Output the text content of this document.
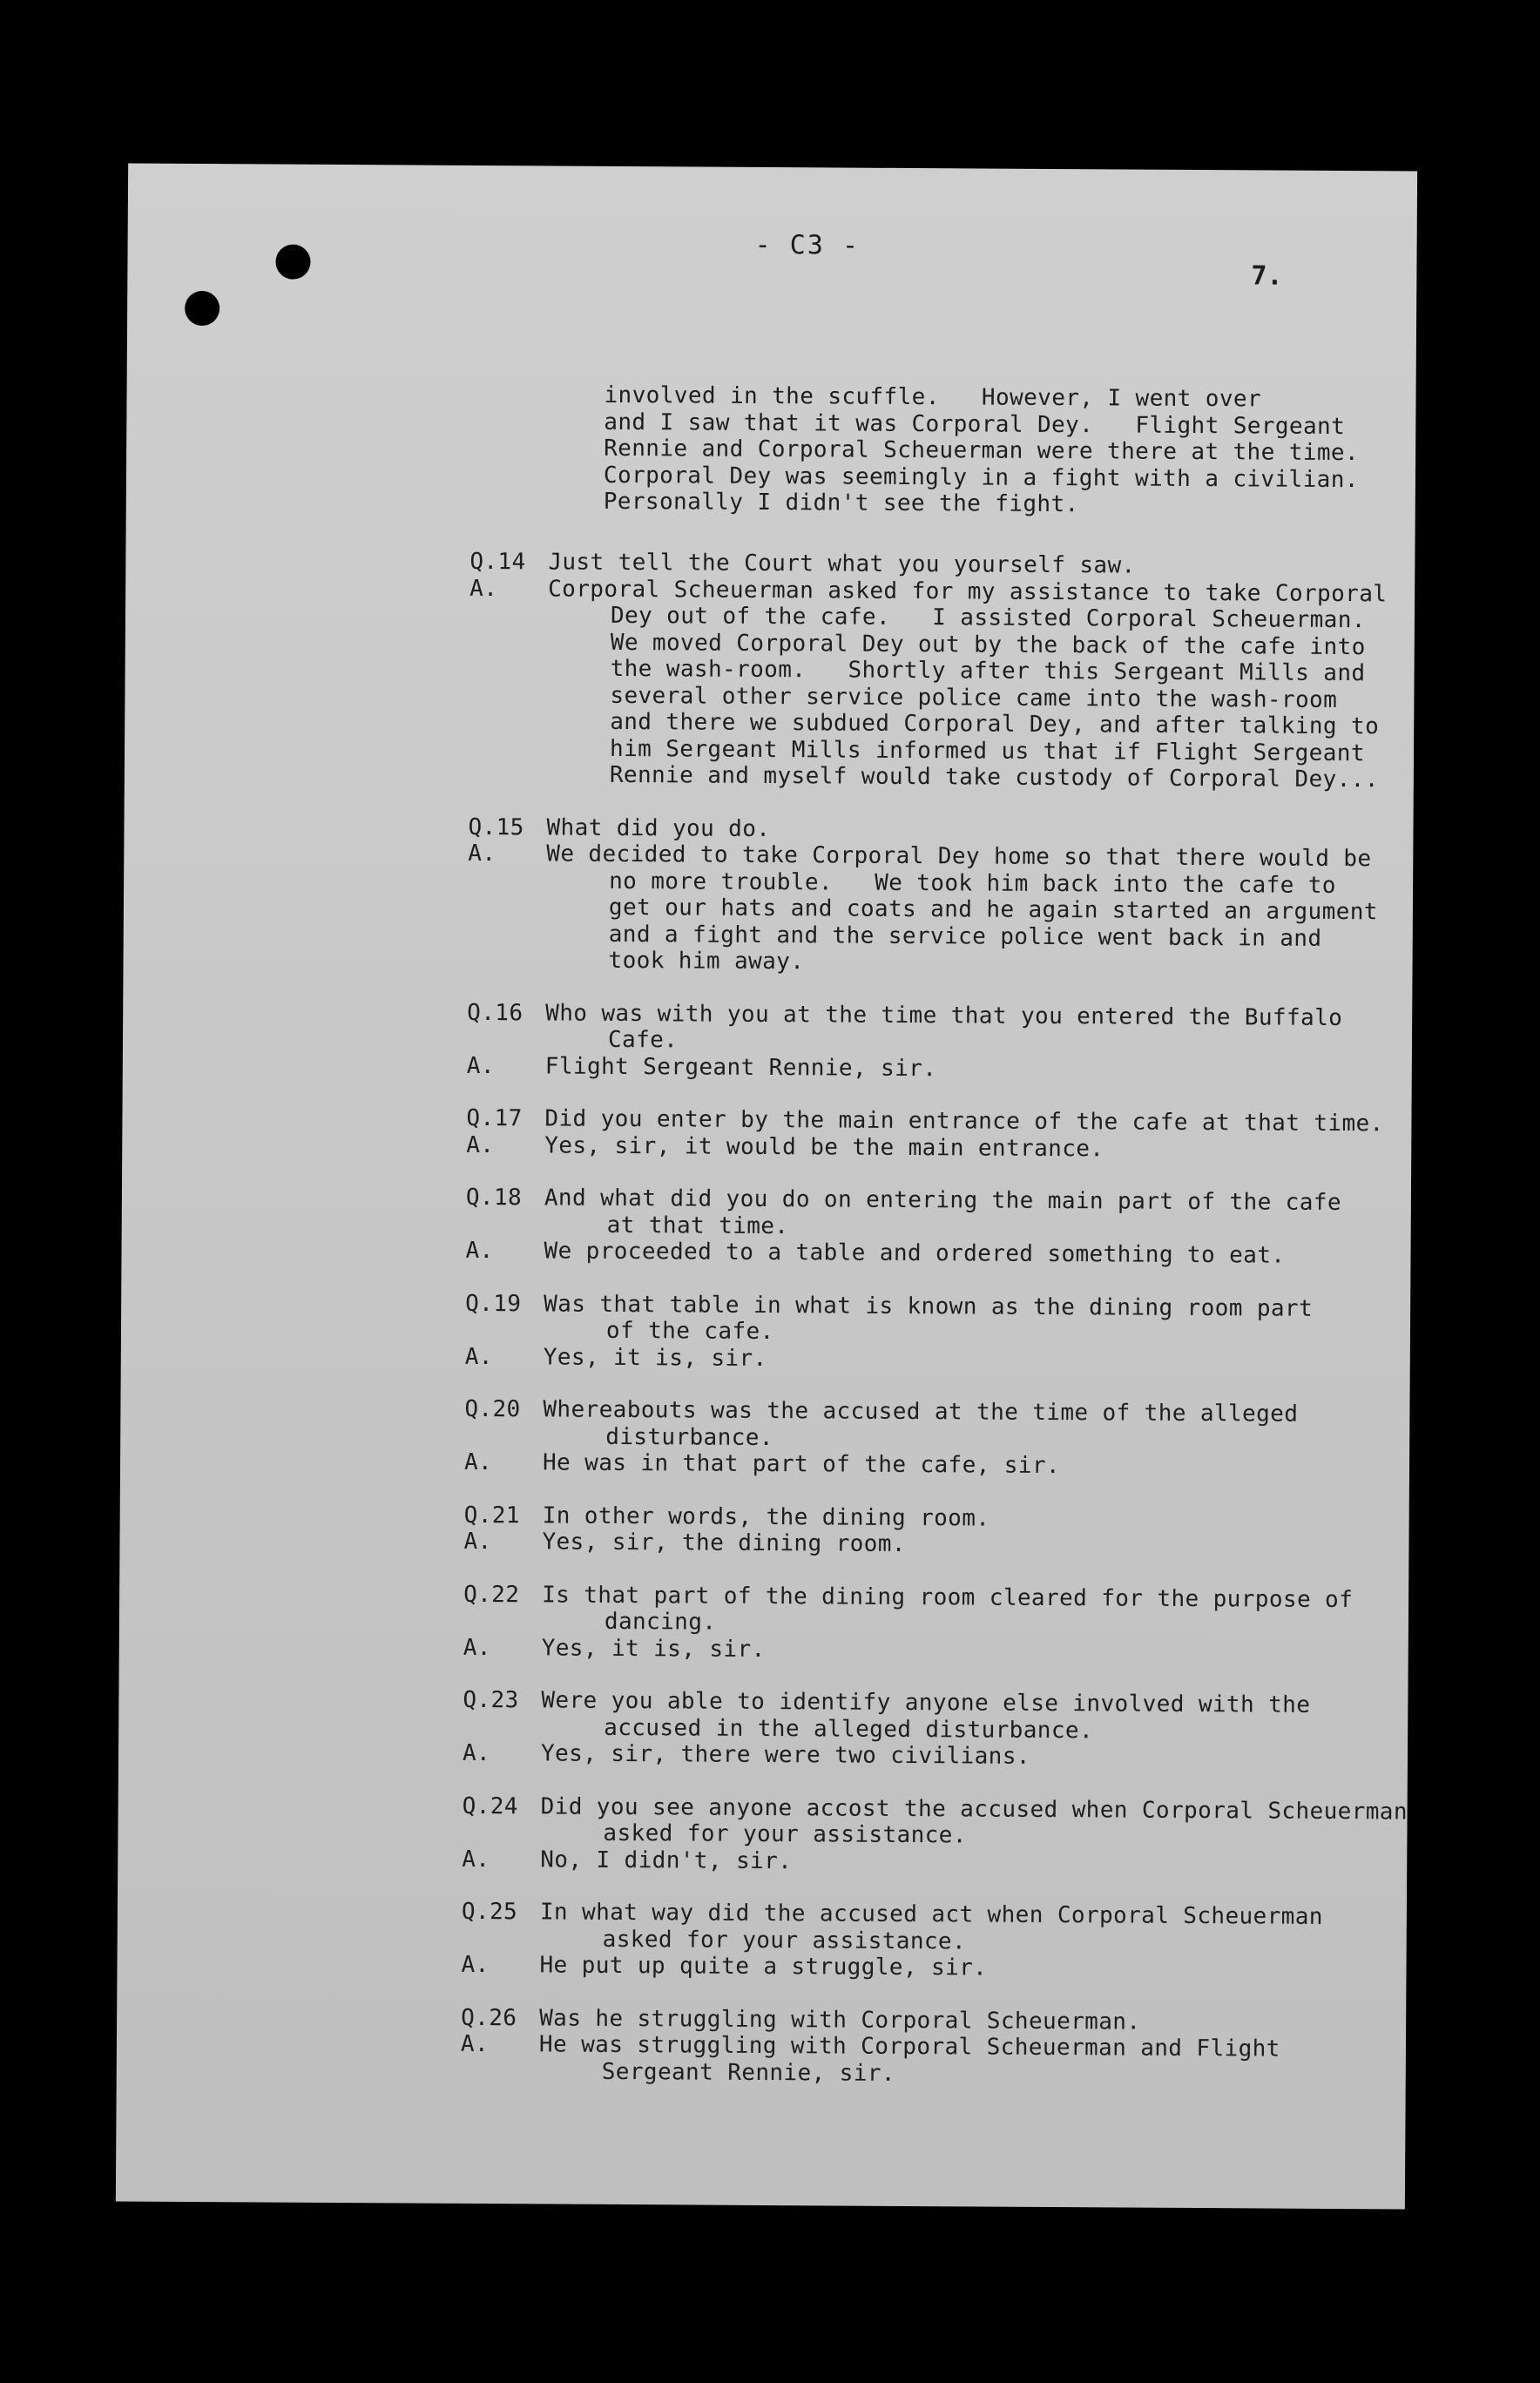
- C3 -
7.
involved in the scuffle.   However, I went over
and I saw that it was Corporal Dey.   Flight Sergeant
Rennie and Corporal Scheuerman were there at the time.
Corporal Dey was seemingly in a fight with a civilian.
Personally I didn't see the fight.
Q.14 Just tell the Court what you yourself saw.
A.	Corporal Scheuerman asked for my assistance to take Corporal
Dey out of the cafe.   I assisted Corporal Scheuerman.
We moved Corporal Dey out by the back of the cafe into
the wash-room.   Shortly after this Sergeant Mills and
several other service police came into the wash-room
and there we subdued Corporal Dey, and after talking to
him Sergeant Mills informed us that if Flight Sergeant
Rennie and myself would take custody of Corporal Dey...
Q.15 What did you do.
A.	We decided to take Corporal Dey home so that there would be
no more trouble.   We took him back into the cafe to
get our hats and coats and he again started an argument
and a fight and the service police went back in and
took him away.
Q.16 Who was with you at the time that you entered the Buffalo
Cafe.
A.	Flight Sergeant Rennie, sir.
Q.17 Did you enter by the main entrance of the cafe at that time.
A.	Yes, sir, it would be the main entrance.
Q.18 And what did you do on entering the main part of the cafe
at that time.
A.	We proceeded to a table and ordered something to eat.
Q.19 Was that table in what is known as the dining room part
of the cafe.
A.	Yes, it is, sir.
Q.20 Whereabouts was the accused at the time of the alleged
disturbance.
A.	He was in that part of the cafe, sir.
Q.21 In other words, the dining room.
A.	Yes, sir, the dining room.
Q.22 Is that part of the dining room cleared for the purpose of
dancing.
A.	Yes, it is, sir.
Q.23 Were you able to identify anyone else involved with the
accused in the alleged disturbance.
A.	Yes, sir, there were two civilians.
Q.24 Did you see anyone accost the accused when Corporal Scheuerman
asked for your assistance.
A.	No, I didn't, sir.
Q.25 In what way did the accused act when Corporal Scheuerman
asked for your assistance.
A.	He put up quite a struggle, sir.
Q.26 Was he struggling with Corporal Scheuerman.
A.	He was struggling with Corporal Scheuerman and Flight
Sergeant Rennie, sir.
